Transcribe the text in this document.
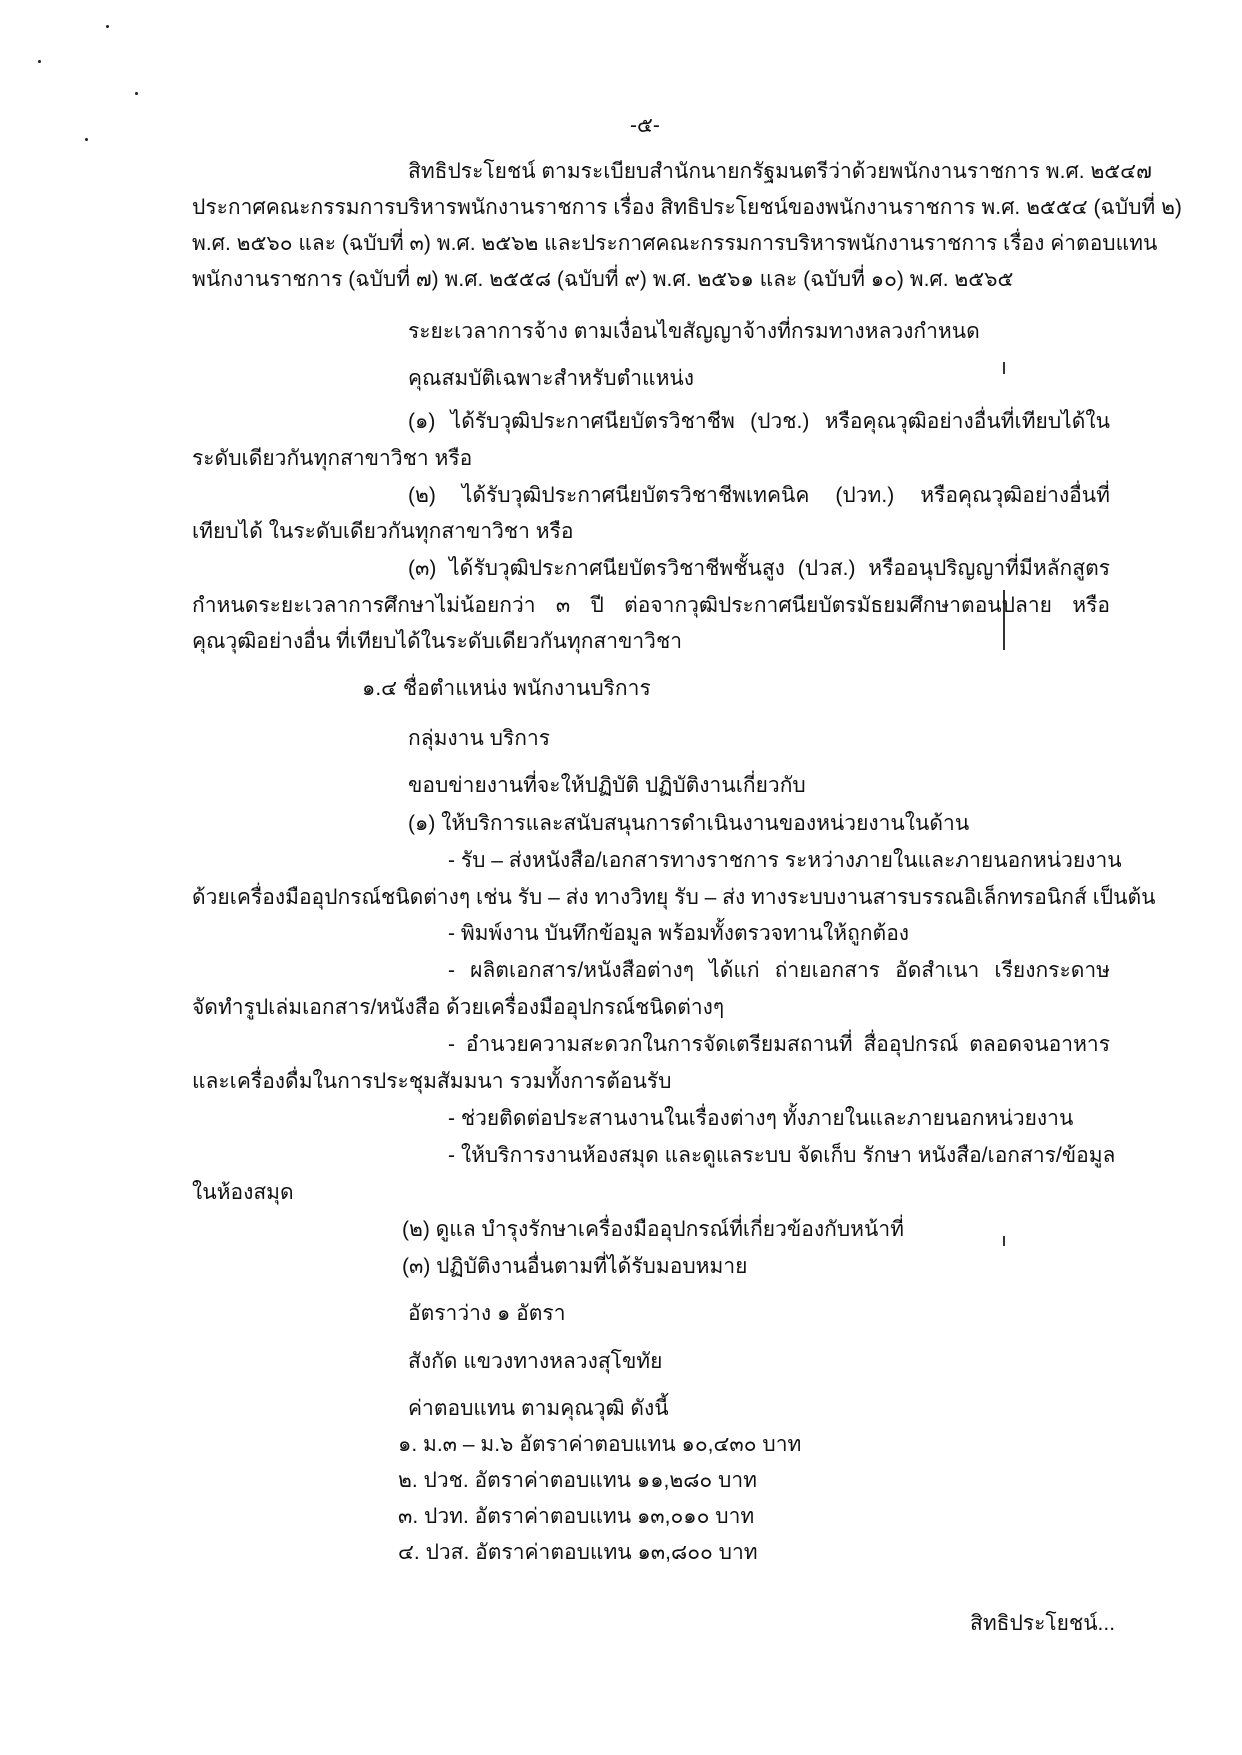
-๕-
สิทธิประโยชน์ ตามระเบียบสำนักนายกรัฐมนตรีว่าด้วยพนักงานราชการ พ.ศ. ๒๕๔๗
ประกาศคณะกรรมการบริหารพนักงานราชการ เรื่อง สิทธิประโยชน์ของพนักงานราชการ พ.ศ. ๒๕๕๔ (ฉบับที่ ๒)
พ.ศ. ๒๕๖๐ และ (ฉบับที่ ๓) พ.ศ. ๒๕๖๒ และประกาศคณะกรรมการบริหารพนักงานราชการ เรื่อง ค่าตอบแทน
พนักงานราชการ (ฉบับที่ ๗) พ.ศ. ๒๕๕๘ (ฉบับที่ ๙) พ.ศ. ๒๕๖๑ และ (ฉบับที่ ๑๐) พ.ศ. ๒๕๖๕
ระยะเวลาการจ้าง ตามเงื่อนไขสัญญาจ้างที่กรมทางหลวงกำหนด
คุณสมบัติเฉพาะสำหรับตำแหน่ง
(๑) ได้รับวุฒิประกาศนียบัตรวิชาชีพ (ปวช.) หรือคุณวุฒิอย่างอื่นที่เทียบได้ใน
ระดับเดียวกันทุกสาขาวิชา หรือ
(๒) ได้รับวุฒิประกาศนียบัตรวิชาชีพเทคนิค (ปวท.) หรือคุณวุฒิอย่างอื่นที่
เทียบได้ ในระดับเดียวกันทุกสาขาวิชา หรือ
(๓) ได้รับวุฒิประกาศนียบัตรวิชาชีพชั้นสูง (ปวส.) หรืออนุปริญญาที่มีหลักสูตร
กำหนดระยะเวลาการศึกษาไม่น้อยกว่า ๓ ปี ต่อจากวุฒิประกาศนียบัตรมัธยมศึกษาตอนปลาย หรือ
คุณวุฒิอย่างอื่น ที่เทียบได้ในระดับเดียวกันทุกสาขาวิชา
๑.๔ ชื่อตำแหน่ง พนักงานบริการ
กลุ่มงาน บริการ
ขอบข่ายงานที่จะให้ปฏิบัติ ปฏิบัติงานเกี่ยวกับ
(๑) ให้บริการและสนับสนุนการดำเนินงานของหน่วยงานในด้าน
- รับ – ส่งหนังสือ/เอกสารทางราชการ ระหว่างภายในและภายนอกหน่วยงาน
ด้วยเครื่องมืออุปกรณ์ชนิดต่างๆ เช่น รับ – ส่ง ทางวิทยุ รับ – ส่ง ทางระบบงานสารบรรณอิเล็กทรอนิกส์ เป็นต้น
- พิมพ์งาน บันทึกข้อมูล พร้อมทั้งตรวจทานให้ถูกต้อง
- ผลิตเอกสาร/หนังสือต่างๆ ได้แก่ ถ่ายเอกสาร อัดสำเนา เรียงกระดาษ
จัดทำรูปเล่มเอกสาร/หนังสือ ด้วยเครื่องมืออุปกรณ์ชนิดต่างๆ
- อำนวยความสะดวกในการจัดเตรียมสถานที่ สื่ออุปกรณ์ ตลอดจนอาหาร
และเครื่องดื่มในการประชุมสัมมนา รวมทั้งการต้อนรับ
- ช่วยติดต่อประสานงานในเรื่องต่างๆ ทั้งภายในและภายนอกหน่วยงาน
- ให้บริการงานห้องสมุด และดูแลระบบ จัดเก็บ รักษา หนังสือ/เอกสาร/ข้อมูล
ในห้องสมุด
(๒) ดูแล บำรุงรักษาเครื่องมืออุปกรณ์ที่เกี่ยวข้องกับหน้าที่
(๓) ปฏิบัติงานอื่นตามที่ได้รับมอบหมาย
อัตราว่าง ๑ อัตรา
สังกัด แขวงทางหลวงสุโขทัย
ค่าตอบแทน ตามคุณวุฒิ ดังนี้
๑. ม.๓ – ม.๖ อัตราค่าตอบแทน ๑๐,๔๓๐ บาท
๒. ปวช. อัตราค่าตอบแทน ๑๑,๒๘๐ บาท
๓. ปวท. อัตราค่าตอบแทน ๑๓,๐๑๐ บาท
๔. ปวส. อัตราค่าตอบแทน ๑๓,๘๐๐ บาท
สิทธิประโยชน์...
